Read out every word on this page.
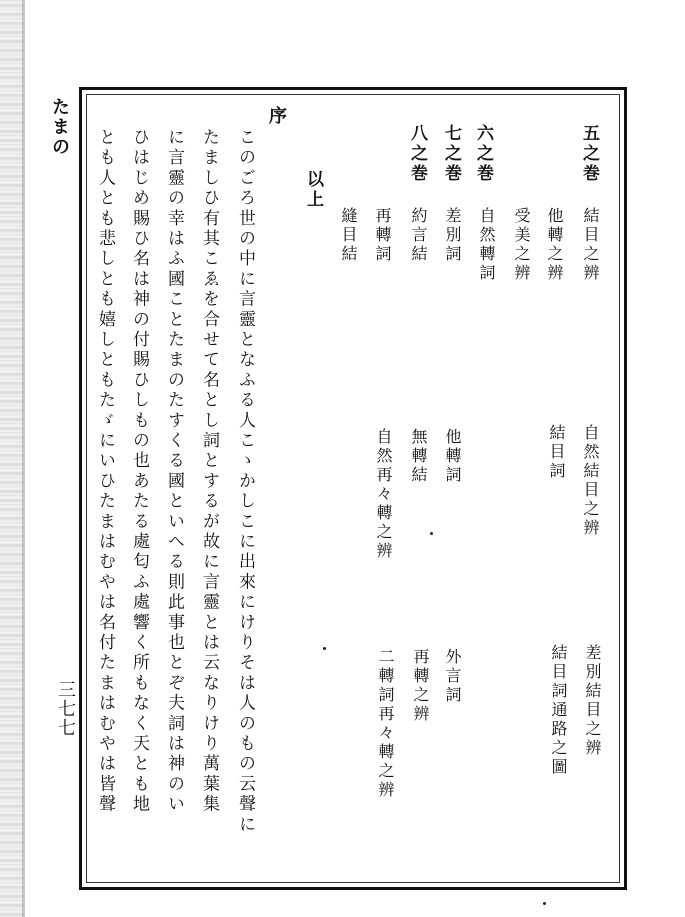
たまの
三七七
五之巻
六之巻
七之巻
八之巻
以上
結目之辨
他轉之辨
受美之辨
自然轉詞
差別詞
約言結
再轉詞
縫目結
自然結目之辨
結目詞
他轉詞
無轉結
自然再々轉之辨
差別結目之辨
結目詞通路之圖
外言詞
再轉之辨
二轉詞再々轉之辨
序
このごろ世の中に言靈となふる人こゝかしこに出來にけりそは人のもの云聲に
たましひ有其こゑを合せて名とし詞とするが故に言靈とは云なりけり萬葉集
に言靈の幸はふ國ことたまのたすくる國といへる則此事也とぞ夫詞は神のい
ひはじめ賜ひ名は神の付賜ひしもの也あたる處匂ふ處響く所もなく天とも地
とも人とも悲しとも嬉しともたゞにいひたまはむやは名付たまはむやは皆聲
